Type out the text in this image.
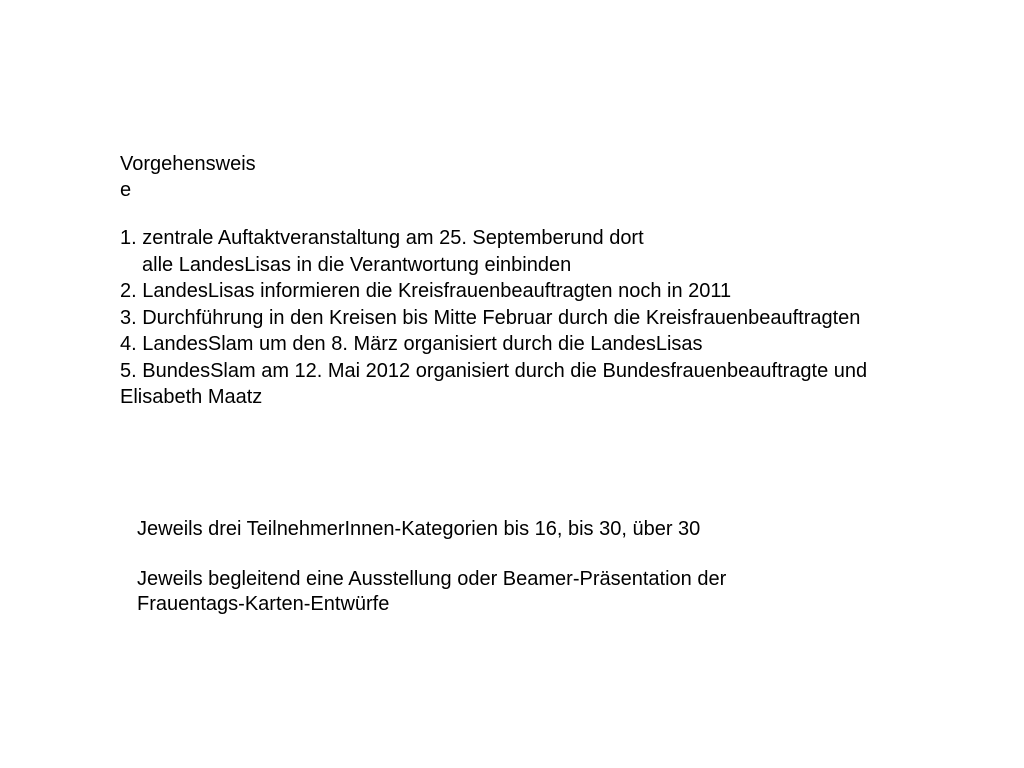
Vorgehensweis
e
1. zentrale Auftaktveranstaltung am 25. Septemberund dort
alle LandesLisas in die Verantwortung einbinden
2. LandesLisas informieren die Kreisfrauenbeauftragten noch in 2011
3. Durchführung in den Kreisen bis Mitte Februar durch die Kreisfrauenbeauftragten
4. LandesSlam um den 8. März organisiert durch die LandesLisas
5. BundesSlam am 12. Mai 2012 organisiert durch die Bundesfrauenbeauftragte und
Elisabeth Maatz
Jeweils drei TeilnehmerInnen-Kategorien bis 16, bis 30, über 30
Jeweils begleitend eine Ausstellung oder Beamer-Präsentation der
Frauentags-Karten-Entwürfe
